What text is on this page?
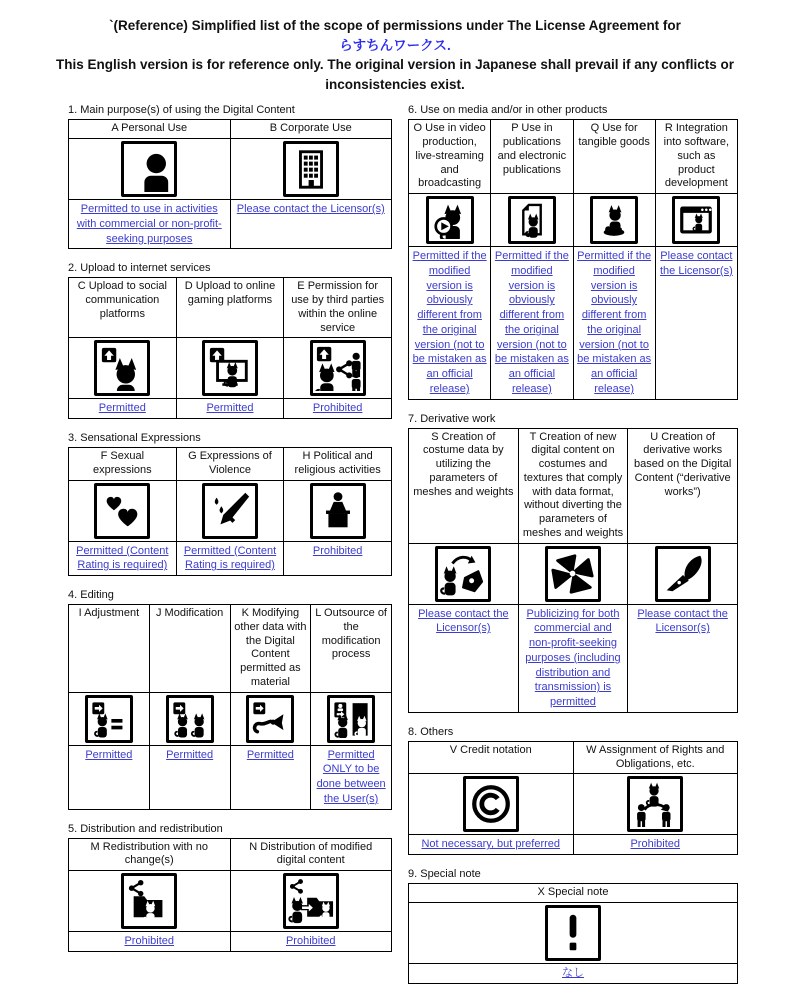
`(Reference) Simplified list of the scope of permissions under The License Agreement for
らすちんワークス.
This English version is for reference only. The original version in Japanese shall prevail if any conflicts or inconsistencies exist.
1. Main purpose(s) of using the Digital Content
A Personal Use	B Corporate Use

Permitted to use in activities with commercial or non-profit-seeking purposes	Please contact the Licensor(s)
2. Upload to internet services
C Upload to social communication platforms	D Upload to online gaming platforms	E Permission for use by third parties within the online service

Permitted	Permitted	Prohibited
3. Sensational Expressions
F Sexual expressions	G Expressions of Violence	H Political and religious activities

Permitted (Content Rating is required)	Permitted (Content Rating is required)	Prohibited
4. Editing
I Adjustment	J Modification	K Modifying other data with the Digital Content permitted as material	L Outsource of the modification process

Permitted	Permitted	Permitted	Permitted ONLY to be done between the User(s)
5. Distribution and redistribution
M Redistribution with no change(s)	N Distribution of modified digital content

Prohibited	Prohibited
6. Use on media and/or in other products
O Use in video production, live-streaming and broadcasting	P Use in publications and electronic publications	Q Use for tangible goods	R Integration into software, such as product development

Permitted if the modified version is obviously different from the original version (not to be mistaken as an official release)	Permitted if the modified version is obviously different from the original version (not to be mistaken as an official release)	Permitted if the modified version is obviously different from the original version (not to be mistaken as an official release)	Please contact the Licensor(s)
7. Derivative work
S Creation of costume data by utilizing the parameters of meshes and weights	T Creation of new digital content on costumes and textures that comply with data format, without diverting the parameters of meshes and weights	U Creation of derivative works based on the Digital Content (“derivative works”)

Please contact the Licensor(s)	Publicizing for both commercial and non-profit-seeking purposes (including distribution and transmission) is permitted	Please contact the Licensor(s)
8. Others
V Credit notation	W Assignment of Rights and Obligations, etc.

Not necessary, but preferred	Prohibited
9. Special note
X Special note

なし
